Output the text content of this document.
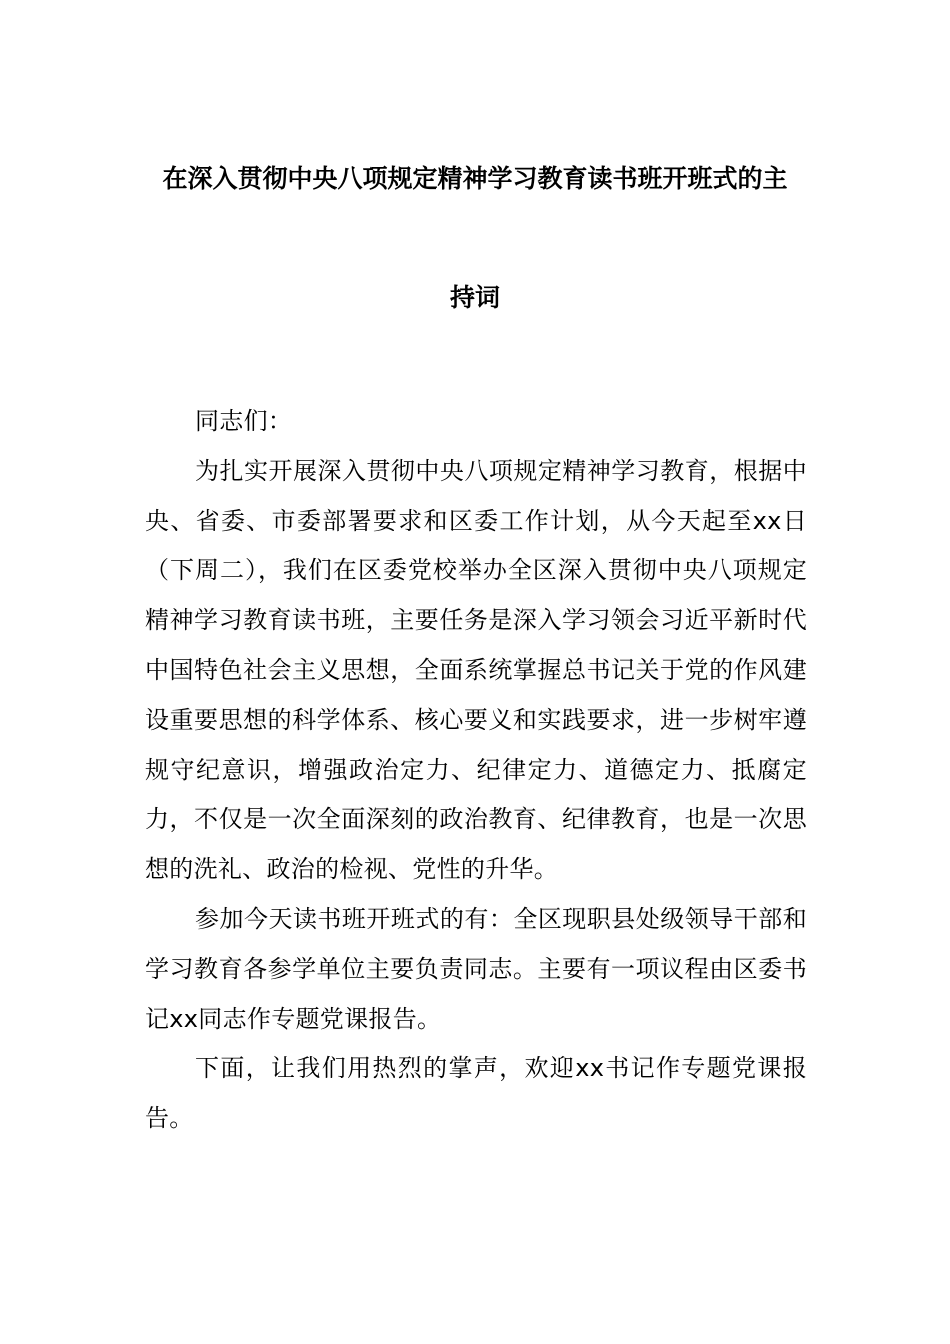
在深入贯彻中央八项规定精神学习教育读书班开班式的主
持词

同志们：

为扎实开展深入贯彻中央八项规定精神学习教育，根据中央、省委、市委部署要求和区委工作计划，从今天起至xx日（下周二），我们在区委党校举办全区深入贯彻中央八项规定精神学习教育读书班，主要任务是深入学习领会习近平新时代中国特色社会主义思想，全面系统掌握总书记关于党的作风建设重要思想的科学体系、核心要义和实践要求，进一步树牢遵规守纪意识，增强政治定力、纪律定力、道德定力、抵腐定力，不仅是一次全面深刻的政治教育、纪律教育，也是一次思想的洗礼、政治的检视、党性的升华。

参加今天读书班开班式的有：全区现职县处级领导干部和学习教育各参学单位主要负责同志。主要有一项议程由区委书记xx同志作专题党课报告。

下面，让我们用热烈的掌声，欢迎xx书记作专题党课报告。
